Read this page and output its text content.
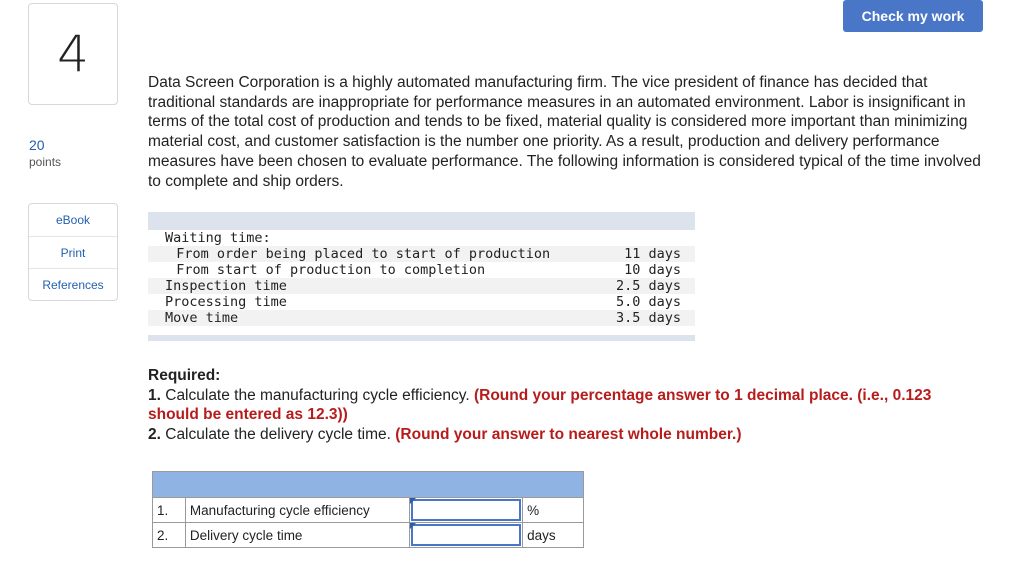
4
20
points
eBook
Print
References
Check my work

Data Screen Corporation is a highly automated manufacturing firm. The vice president of finance has decided that traditional standards are inappropriate for performance measures in an automated environment. Labor is insignificant in terms of the total cost of production and tends to be fixed, material quality is considered more important than minimizing material cost, and customer satisfaction is the number one priority. As a result, production and delivery performance measures have been chosen to evaluate performance. The following information is considered typical of the time involved to complete and ship orders.

Waiting time:
From order being placed to start of production	11 days
From start of production to completion	10 days
Inspection time	2.5 days
Processing time	5.0 days
Move time	3.5 days
Required:
1. Calculate the manufacturing cycle efficiency. (Round your percentage answer to 1 decimal place. (i.e., 0.123 should be entered as 12.3))
2. Calculate the delivery cycle time. (Round your answer to nearest whole number.)

1.	Manufacturing cycle efficiency		%
2.	Delivery cycle time		days
